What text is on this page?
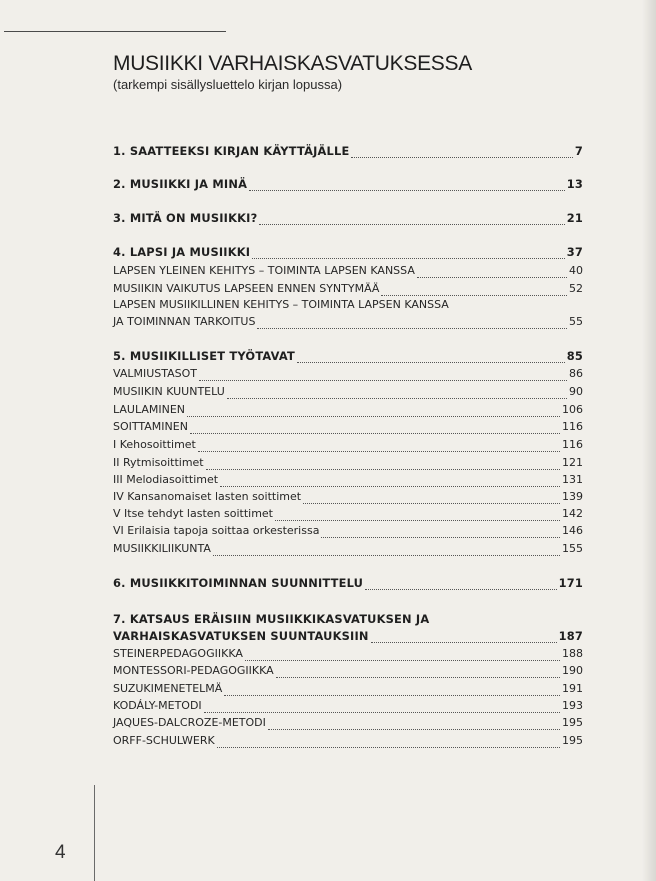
MUSIIKKI VARHAISKASVATUKSESSA
(tarkempi sisällysluettelo kirjan lopussa)
1. SAATTEEKSI KIRJAN KÄYTTÄJÄLLE	7
2. MUSIIKKI JA MINÄ	13
3. MITÄ ON MUSIIKKI?	21
4. LAPSI JA MUSIIKKI	37
LAPSEN YLEINEN KEHITYS – TOIMINTA LAPSEN KANSSA	40
MUSIIKIN VAIKUTUS LAPSEEN ENNEN SYNTYMÄÄ	52
LAPSEN MUSIIKILLINEN KEHITYS – TOIMINTA LAPSEN KANSSA
JA TOIMINNAN TARKOITUS	55
5. MUSIIKILLISET TYÖTAVAT	85
VALMIUSTASOT	86
MUSIIKIN KUUNTELU	90
LAULAMINEN	106
SOITTAMINEN	116
I Kehosoittimet	116
II Rytmisoittimet	121
III Melodiasoittimet	131
IV Kansanomaiset lasten soittimet	139
V Itse tehdyt lasten soittimet	142
VI Erilaisia tapoja soittaa orkesterissa	146
MUSIIKKILIIKUNTA	155
6. MUSIIKKITOIMINNAN SUUNNITTELU	171
7. KATSAUS ERÄISIIN MUSIIKKIKASVATUKSEN JA
VARHAISKASVATUKSEN SUUNTAUKSIIN	187
STEINERPEDAGOGIIKKA	188
MONTESSORI-PEDAGOGIIKKA	190
SUZUKIMENETELMÄ	191
KODÁLY-METODI	193
JAQUES-DALCROZE-METODI	195
ORFF-SCHULWERK	195
4
